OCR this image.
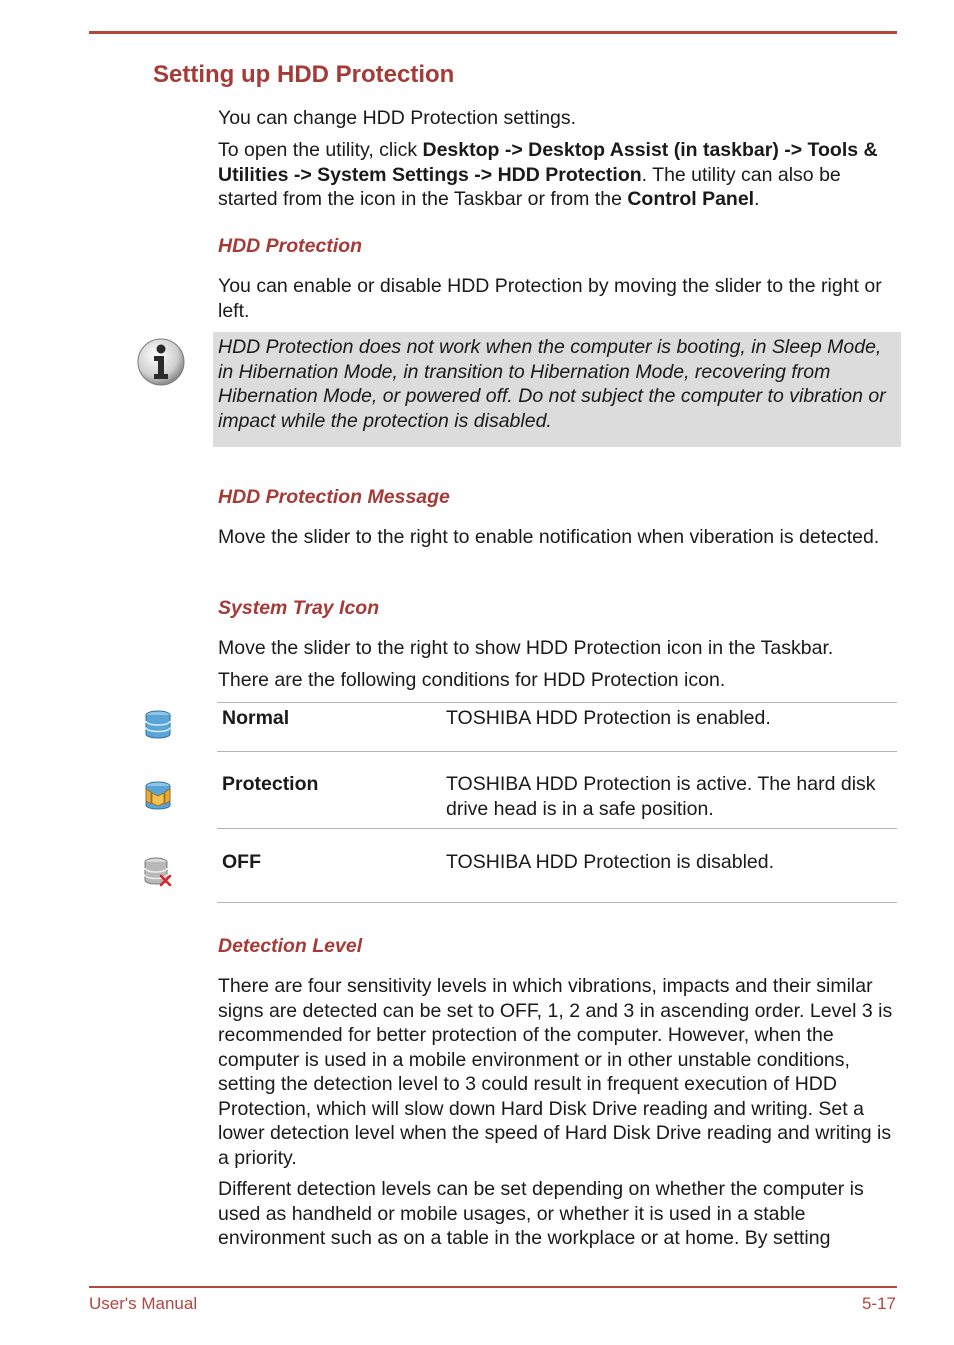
Setting up HDD Protection

You can change HDD Protection settings.

To open the utility, click Desktop -> Desktop Assist (in taskbar) -> Tools & Utilities -> System Settings -> HDD Protection. The utility can also be started from the icon in the Taskbar or from the Control Panel.

HDD Protection

You can enable or disable HDD Protection by moving the slider to the right or left.

HDD Protection does not work when the computer is booting, in Sleep Mode, in Hibernation Mode, in transition to Hibernation Mode, recovering from Hibernation Mode, or powered off. Do not subject the computer to vibration or impact while the protection is disabled.

HDD Protection Message

Move the slider to the right to enable notification when viberation is detected.

System Tray Icon

Move the slider to the right to show HDD Protection icon in the Taskbar.

There are the following conditions for HDD Protection icon.

Normal	TOSHIBA HDD Protection is enabled.
Protection	TOSHIBA HDD Protection is active. The hard disk drive head is in a safe position.
OFF	TOSHIBA HDD Protection is disabled.
Detection Level

There are four sensitivity levels in which vibrations, impacts and their similar signs are detected can be set to OFF, 1, 2 and 3 in ascending order. Level 3 is recommended for better protection of the computer. However, when the computer is used in a mobile environment or in other unstable conditions, setting the detection level to 3 could result in frequent execution of HDD Protection, which will slow down Hard Disk Drive reading and writing. Set a lower detection level when the speed of Hard Disk Drive reading and writing is a priority.

Different detection levels can be set depending on whether the computer is used as handheld or mobile usages, or whether it is used in a stable environment such as on a table in the workplace or at home. By setting

User's Manual	5-17
